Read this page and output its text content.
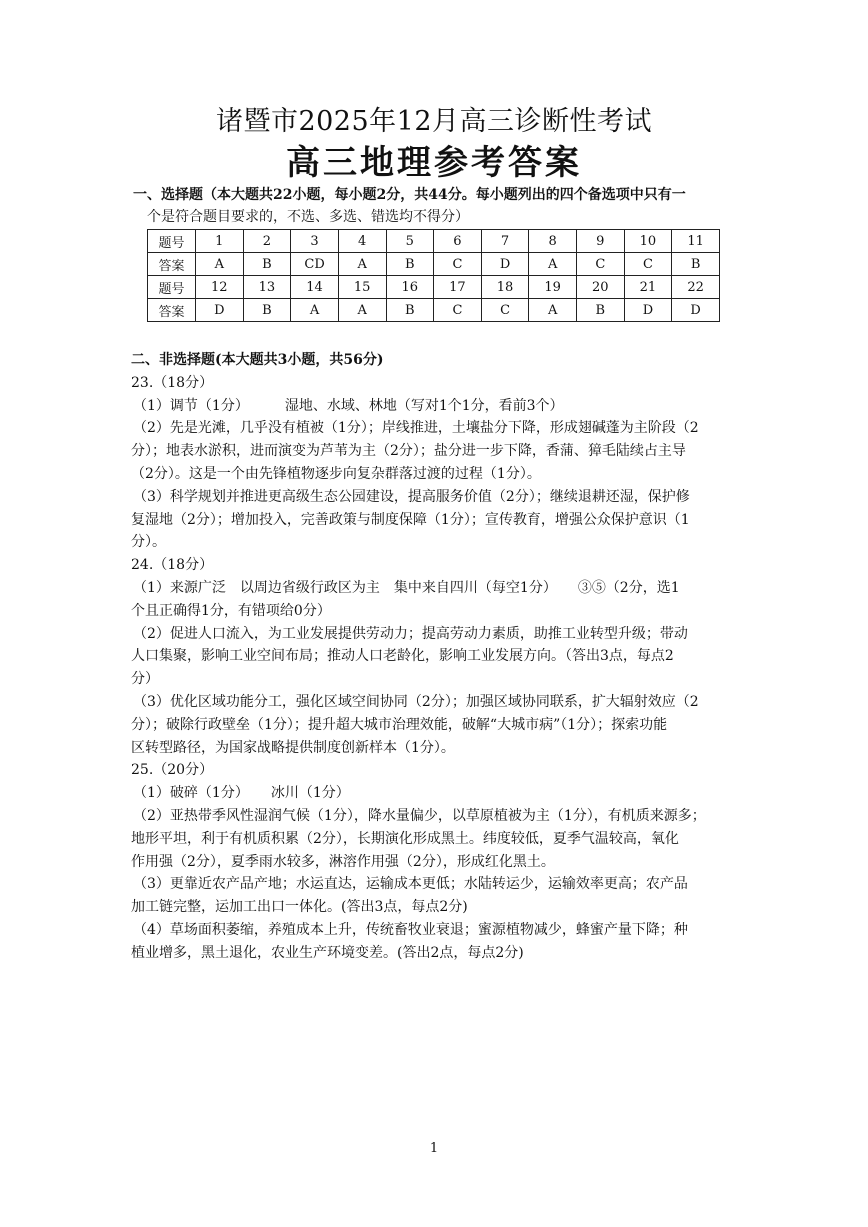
诸暨市2025年12月高三诊断性考试
高三地理参考答案
一、选择题（本大题共22小题，每小题2分，共44分。每小题列出的四个备选项中只有一
个是符合题目要求的，不选、多选、错选均不得分）
题号	1	2	3	4	5	6	7	8	9	10	11
答案	A	B	CD	A	B	C	D	A	C	C	B
题号	12	13	14	15	16	17	18	19	20	21	22
答案	D	B	A	A	B	C	C	A	B	D	D

二、非选择题(本大题共3小题，共56分)

23.（18分）

（1）调节（1分）	湿地、水域、林地（写对1个1分，看前3个）

（2）先是光滩，几乎没有植被（1分）；岸线推进，土壤盐分下降，形成翅碱蓬为主阶段（2

分）；地表水淤积，进而演变为芦苇为主（2分）；盐分进一步下降，香蒲、獐毛陆续占主导

（2分）。这是一个由先锋植物逐步向复杂群落过渡的过程（1分）。

（3）科学规划并推进更高级生态公园建设，提高服务价值（2分）；继续退耕还湿，保护修

复湿地（2分）；增加投入，完善政策与制度保障（1分）；宣传教育，增强公众保护意识（1

分）。

24.（18分）

（1）来源广泛　以周边省级行政区为主　集中来自四川（每空1分）　　③⑤（2分，选1

个且正确得1分，有错项给0分）

（2）促进人口流入，为工业发展提供劳动力；提高劳动力素质，助推工业转型升级；带动

人口集聚，影响工业空间布局；推动人口老龄化，影响工业发展方向。（答出3点，每点2

分）

（3）优化区域功能分工，强化区域空间协同（2分）；加强区域协同联系，扩大辐射效应（2

分）；破除行政壁垒（1分）；提升超大城市治理效能，破解“大城市病”（1分）；探索功能

区转型路径，为国家战略提供制度创新样本（1分）。

25.（20分）

（1）破碎（1分） 冰川（1分）

（2）亚热带季风性湿润气候（1分），降水量偏少，以草原植被为主（1分），有机质来源多；

地形平坦，利于有机质积累（2分），长期演化形成黑土。纬度较低，夏季气温较高，氧化

作用强（2分），夏季雨水较多，淋溶作用强（2分），形成红化黑土。

（3）更靠近农产品产地；水运直达，运输成本更低；水陆转运少，运输效率更高；农产品

加工链完整，运加工出口一体化。(答出3点，每点2分)

（4）草场面积萎缩，养殖成本上升，传统畜牧业衰退；蜜源植物减少，蜂蜜产量下降；种

植业增多，黑土退化，农业生产环境变差。(答出2点，每点2分)

1
